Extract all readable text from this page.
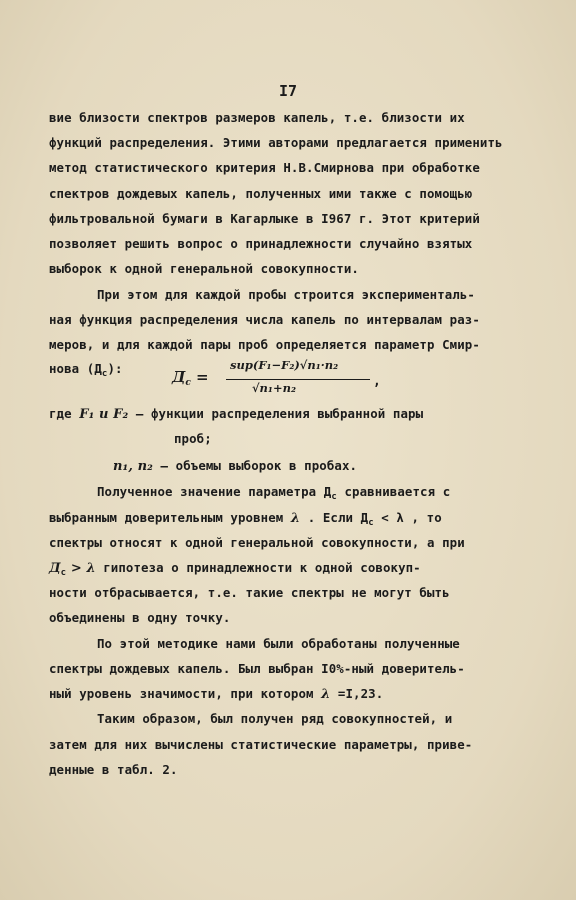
I7
вие близости спектров размеров капель, т.е. близости их
функций распределения. Этими авторами предлагается применить
метод статистического критерия Н.В.Смирнова при обработке
спектров дождевых капель, полученных ими также с помощью
фильтровальной бумаги в Кагарлыке в I967 г. Этот критерий
позволяет решить вопрос о принадлежности случайно взятых
выборок к одной генеральной совокупности.
При этом для каждой пробы строится эксперименталь-
ная функция распределения числа капель по интервалам раз-
меров, и для каждой пары проб определяется параметр Смир-
нова $(Д_с)$:	$Д_с$ =
sup(F₁−F₂)√n₁·n₂
√n₁+n₂	,
где F₁ и F₂ – функции распределения выбранной пары
проб;
n₁, n₂ – объемы выборок в пробах.
Полученное значение параметра $Д_с$ сравнивается с
выбранным доверительным уровнем λ . Если $Д_с < \lambda$ , то
спектры относят к одной генеральной совокупности, а при
$Д_с > \lambda$ гипотеза о принадлежности к одной совокуп-
ности отбрасывается, т.е. такие спектры не могут быть
объединены в одну точку.
По этой методике нами были обработаны полученные
спектры дождевых капель. Был выбран I0%-ный доверитель-
ный уровень значимости, при котором λ =I,23.
Таким образом, был получен ряд совокупностей, и
затем для них вычислены статистические параметры, приве-
денные в табл. 2.
